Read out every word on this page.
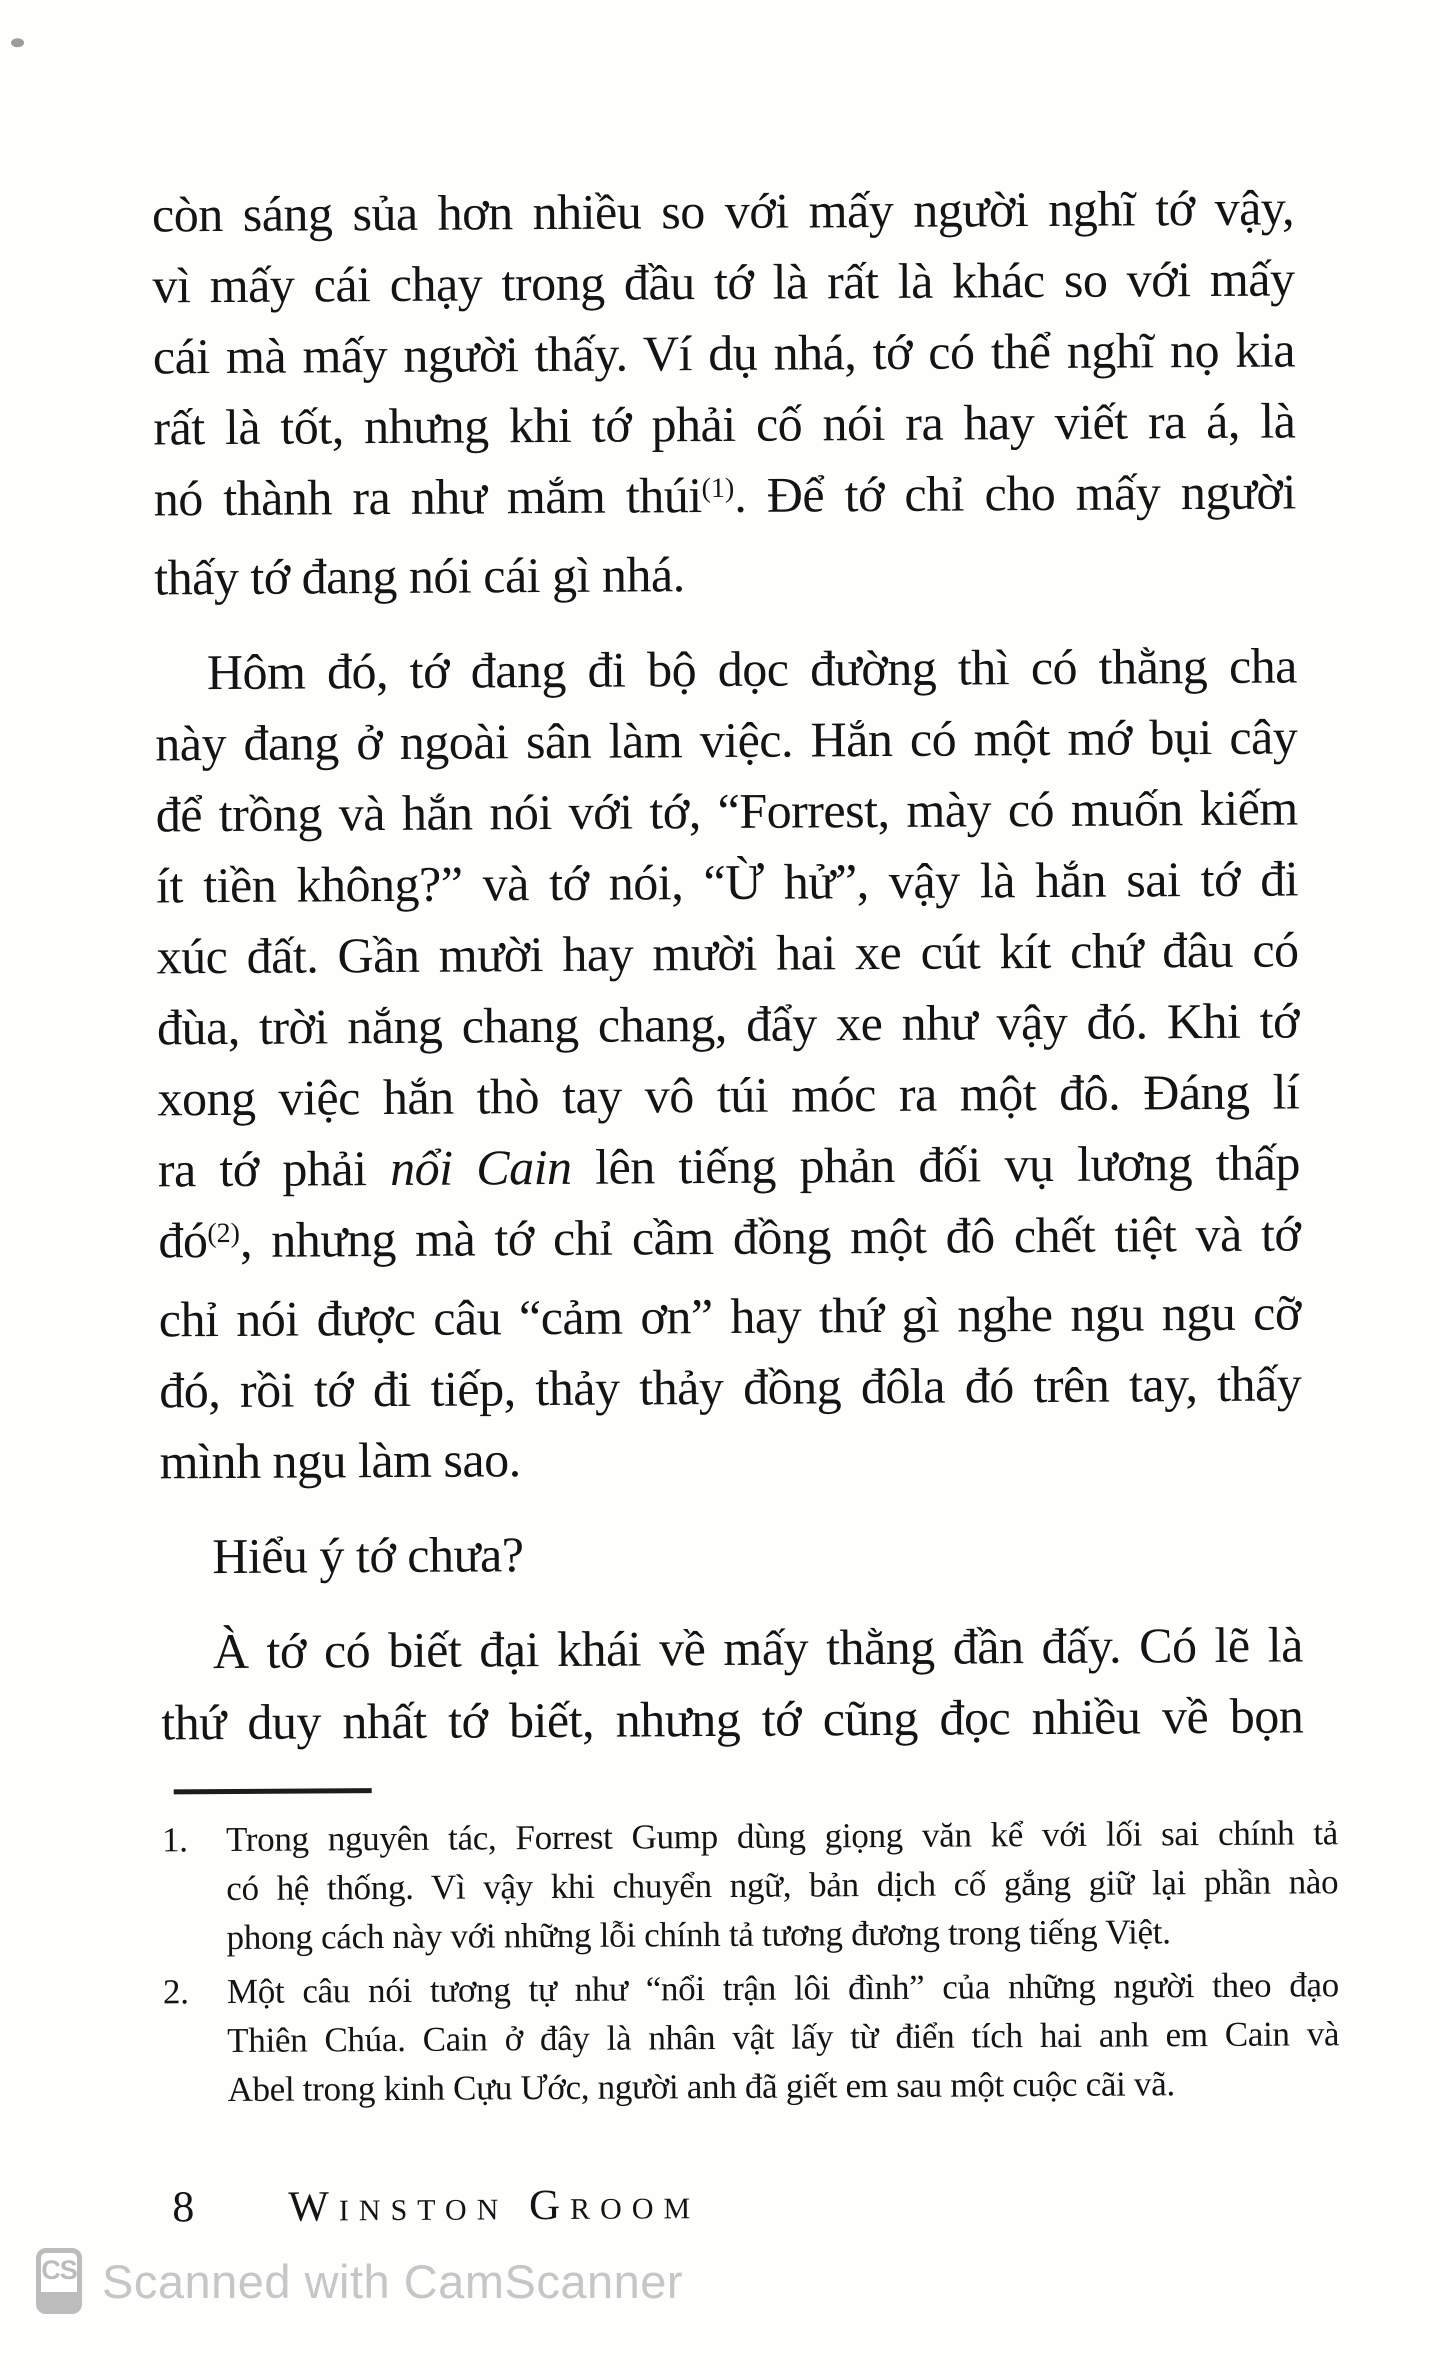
còn sáng sủa hơn nhiều so với mấy người nghĩ tớ vậy,
vì mấy cái chạy trong đầu tớ là rất là khác so với mấy
cái mà mấy người thấy. Ví dụ nhá, tớ có thể nghĩ nọ kia
rất là tốt, nhưng khi tớ phải cố nói ra hay viết ra á, là
nó thành ra như mắm thúi$^{(1)}$. Để tớ chỉ cho mấy người
thấy tớ đang nói cái gì nhá.
Hôm đó, tớ đang đi bộ dọc đường thì có thằng cha
này đang ở ngoài sân làm việc. Hắn có một mớ bụi cây
để trồng và hắn nói với tớ, “Forrest, mày có muốn kiếm
ít tiền không?” và tớ nói, “Ừ hử”, vậy là hắn sai tớ đi
xúc đất. Gần mười hay mười hai xe cút kít chứ đâu có
đùa, trời nắng chang chang, đẩy xe như vậy đó. Khi tớ
xong việc hắn thò tay vô túi móc ra một đô. Đáng lí
ra tớ phải nổi Cain lên tiếng phản đối vụ lương thấp
$đó^{(2)}$, nhưng mà tớ chỉ cầm đồng một đô chết tiệt và tớ
chỉ nói được câu “cảm ơn” hay thứ gì nghe ngu ngu cỡ
đó, rồi tớ đi tiếp, thảy thảy đồng đôla đó trên tay, thấy
mình ngu làm sao.
Hiểu ý tớ chưa?
À tớ có biết đại khái về mấy thằng đần đấy. Có lẽ là
thứ duy nhất tớ biết, nhưng tớ cũng đọc nhiều về bọn
1.	Trong nguyên tác, Forrest Gump dùng giọng văn kể với lối sai chính tả
có hệ thống. Vì vậy khi chuyển ngữ, bản dịch cố gắng giữ lại phần nào
phong cách này với những lỗi chính tả tương đương trong tiếng Việt.
2.	Một câu nói tương tự như “nổi trận lôi đình” của những người theo đạo
Thiên Chúa. Cain ở đây là nhân vật lấy từ điển tích hai anh em Cain và
Abel trong kinh Cựu Ước, người anh đã giết em sau một cuộc cãi vã.
8 Winston Groom
CS Scanned with CamScanner
